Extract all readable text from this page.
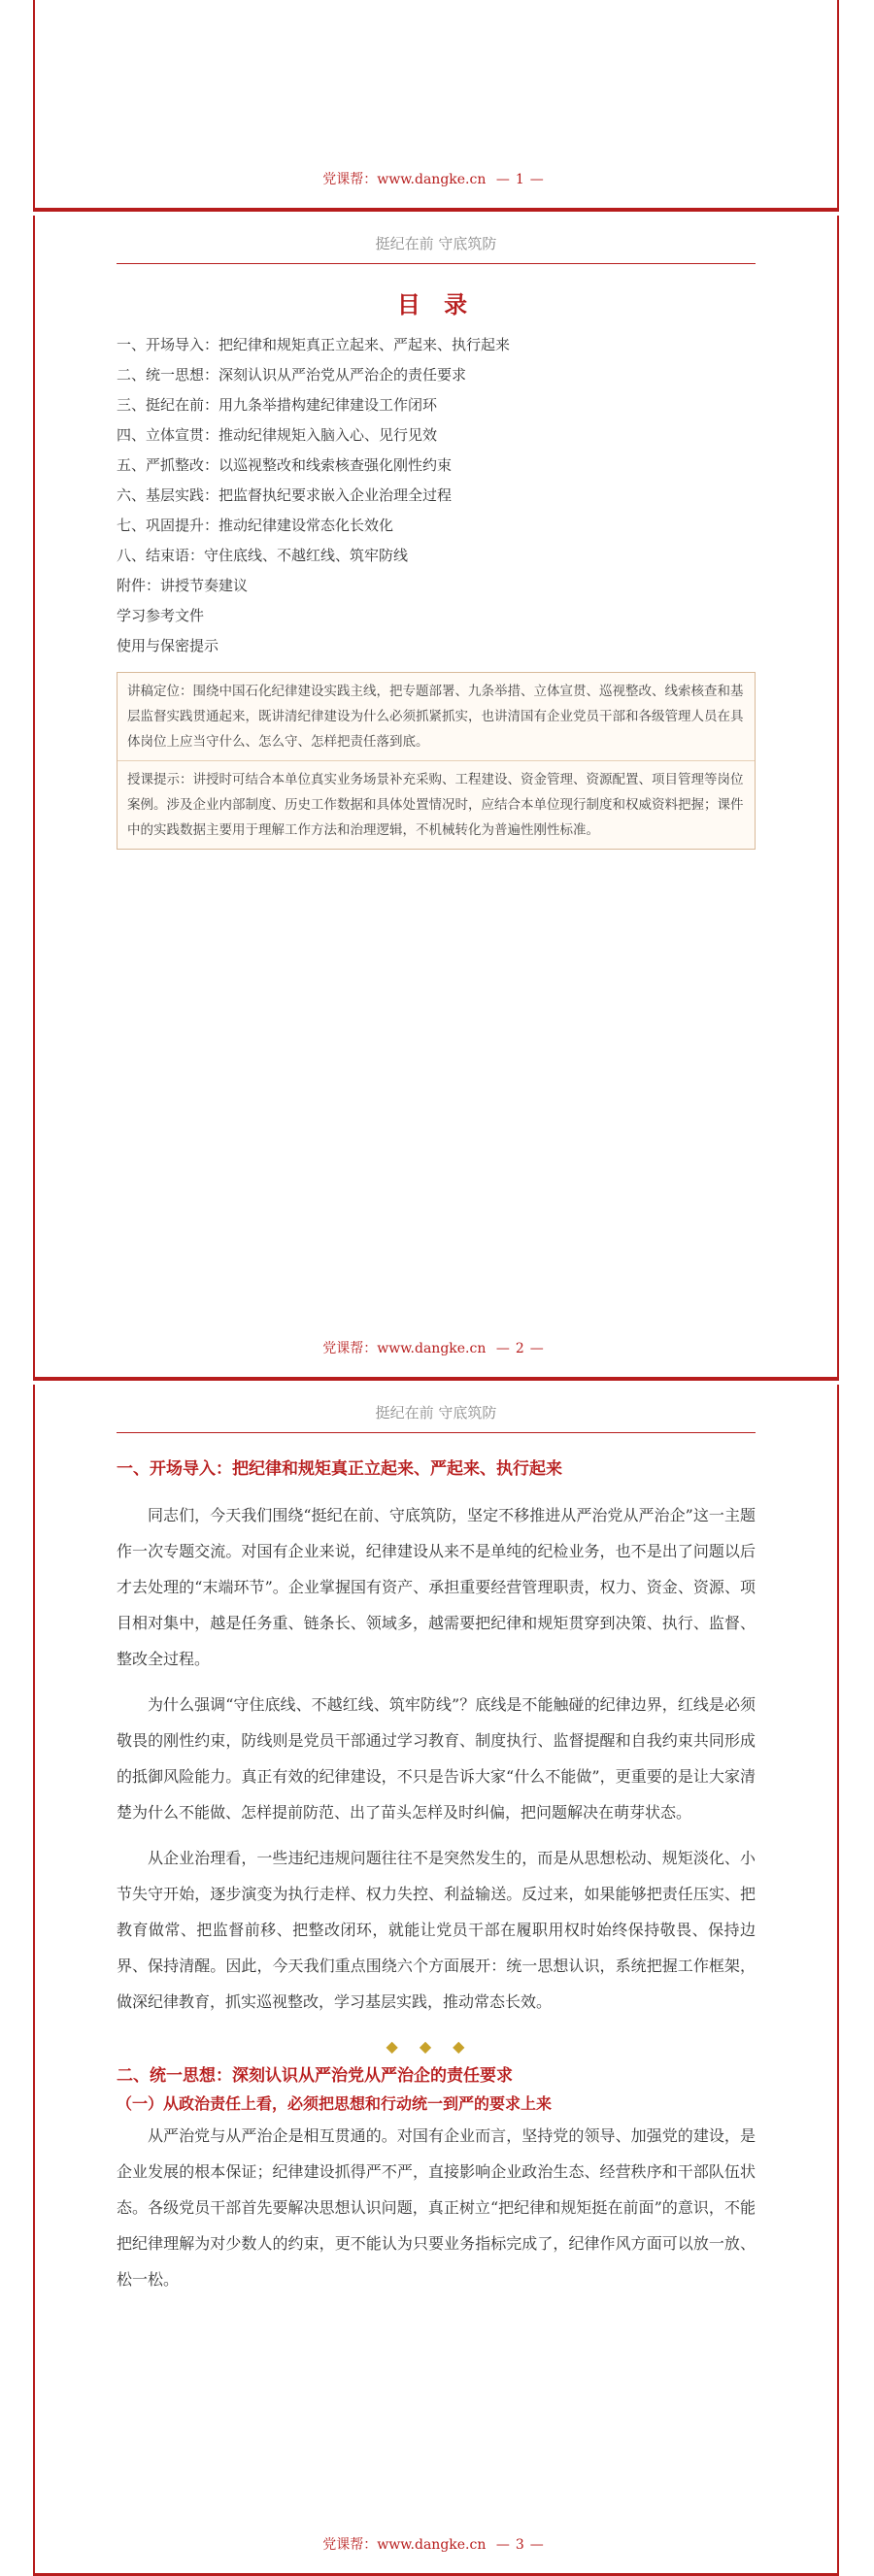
党课帮：www.dangke.cn — 1 —
挺纪在前 守底筑防
目 录
一、开场导入：把纪律和规矩真正立起来、严起来、执行起来
二、统一思想：深刻认识从严治党从严治企的责任要求
三、挺纪在前：用九条举措构建纪律建设工作闭环
四、立体宣贯：推动纪律规矩入脑入心、见行见效
五、严抓整改：以巡视整改和线索核查强化刚性约束
六、基层实践：把监督执纪要求嵌入企业治理全过程
七、巩固提升：推动纪律建设常态化长效化
八、结束语：守住底线、不越红线、筑牢防线
附件：讲授节奏建议
学习参考文件
使用与保密提示
讲稿定位：围绕中国石化纪律建设实践主线，把专题部署、九条举措、立体宣贯、巡视整改、线索核查和基层监督实践贯通起来，既讲清纪律建设为什么必须抓紧抓实，也讲清国有企业党员干部和各级管理人员在具体岗位上应当守什么、怎么守、怎样把责任落到底。
授课提示：讲授时可结合本单位真实业务场景补充采购、工程建设、资金管理、资源配置、项目管理等岗位案例。涉及企业内部制度、历史工作数据和具体处置情况时，应结合本单位现行制度和权威资料把握；课件中的实践数据主要用于理解工作方法和治理逻辑，不机械转化为普遍性刚性标准。
党课帮：www.dangke.cn — 2 —
挺纪在前 守底筑防
一、开场导入：把纪律和规矩真正立起来、严起来、执行起来

同志们，今天我们围绕“挺纪在前、守底筑防，坚定不移推进从严治党从严治企”这一主题作一次专题交流。对国有企业来说，纪律建设从来不是单纯的纪检业务，也不是出了问题以后才去处理的“末端环节”。企业掌握国有资产、承担重要经营管理职责，权力、资金、资源、项目相对集中，越是任务重、链条长、领域多，越需要把纪律和规矩贯穿到决策、执行、监督、整改全过程。

为什么强调“守住底线、不越红线、筑牢防线”？底线是不能触碰的纪律边界，红线是必须敬畏的刚性约束，防线则是党员干部通过学习教育、制度执行、监督提醒和自我约束共同形成的抵御风险能力。真正有效的纪律建设，不只是告诉大家“什么不能做”，更重要的是让大家清楚为什么不能做、怎样提前防范、出了苗头怎样及时纠偏，把问题解决在萌芽状态。

从企业治理看，一些违纪违规问题往往不是突然发生的，而是从思想松动、规矩淡化、小节失守开始，逐步演变为执行走样、权力失控、利益输送。反过来，如果能够把责任压实、把教育做常、把监督前移、把整改闭环，就能让党员干部在履职用权时始终保持敬畏、保持边界、保持清醒。因此，今天我们重点围绕六个方面展开：统一思想认识，系统把握工作框架，做深纪律教育，抓实巡视整改，学习基层实践，推动常态长效。

◆◆◆
二、统一思想：深刻认识从严治党从严治企的责任要求
（一）从政治责任上看，必须把思想和行动统一到严的要求上来

从严治党与从严治企是相互贯通的。对国有企业而言，坚持党的领导、加强党的建设，是企业发展的根本保证；纪律建设抓得严不严，直接影响企业政治生态、经营秩序和干部队伍状态。各级党员干部首先要解决思想认识问题，真正树立“把纪律和规矩挺在前面”的意识，不能把纪律理解为对少数人的约束，更不能认为只要业务指标完成了，纪律作风方面可以放一放、松一松。

党课帮：www.dangke.cn — 3 —
